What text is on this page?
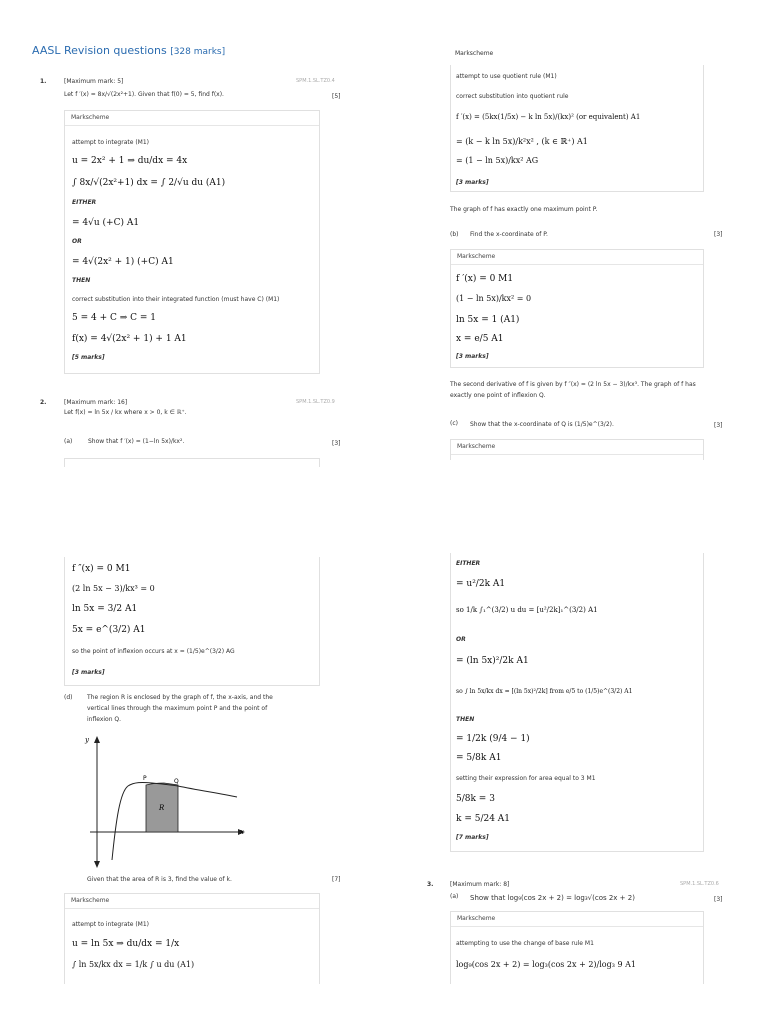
AASL Revision questions [328 marks]
1.	[Maximum mark: 5]	SPM.1.SL.TZ0.4
Let f ′(x) = 8x/√(2x²+1). Given that f(0) = 5, find f(x).	[5]
Markscheme
attempt to integrate (M1)
u = 2x² + 1 ⇒ du/dx = 4x
∫ 8x/√(2x²+1) dx = ∫ 2/√u du (A1)
EITHER
= 4√u (+C) A1
OR
= 4√(2x² + 1) (+C) A1
THEN
correct substitution into their integrated function (must have C) (M1)
5 = 4 + C ⇒ C = 1
f(x) = 4√(2x² + 1) + 1 A1
[5 marks]
2.	[Maximum mark: 16]	SPM.1.SL.TZ0.9
Let f(x) = ln 5x / kx where x > 0, k ∈ ℝ⁺.
(a)	Show that f ′(x) = (1−ln 5x)/kx².	[3]
Markscheme
attempt to use quotient rule (M1)
correct substitution into quotient rule
f ′(x) = (5kx(1/5x) − k ln 5x)/(kx)² (or equivalent) A1
= (k − k ln 5x)/k²x² , (k ∈ ℝ⁺) A1
= (1 − ln 5x)/kx² AG
[3 marks]
The graph of f has exactly one maximum point P.
(b) Find the x-coordinate of P.	[3]
Markscheme
f ′(x) = 0 M1
(1 − ln 5x)/kx² = 0
ln 5x = 1 (A1)
x = e/5 A1
[3 marks]
The second derivative of f is given by f ″(x) = (2 ln 5x − 3)/kx³. The graph of f has
exactly one point of inflexion Q.
(c) Show that the x-coordinate of Q is (1/5)e^(3/2).	[3]
Markscheme
f ″(x) = 0 M1
(2 ln 5x − 3)/kx³ = 0
ln 5x = 3/2 A1
5x = e^(3/2) A1
so the point of inflexion occurs at x = (1/5)e^(3/2) AG
[3 marks]
(d) The region R is enclosed by the graph of f, the x-axis, and the
vertical lines through the maximum point P and the point of
inflexion Q.
y
x
P	Q
R
Given that the area of R is 3, find the value of k.	[7]
Markscheme
attempt to integrate (M1)
u = ln 5x ⇒ du/dx = 1/x
∫ ln 5x/kx dx = 1/k ∫ u du (A1)
EITHER
= u²/2k A1
so 1/k ∫₁^(3/2) u du = [u²/2k]₁^(3/2) A1
OR
= (ln 5x)²/2k A1
so ∫ ln 5x/kx dx = [(ln 5x)²/2k] from e/5 to (1/5)e^(3/2) A1
THEN
= 1/2k (9/4 − 1)
= 5/8k A1
setting their expression for area equal to 3 M1
5/8k = 3
k = 5/24 A1
[7 marks]
3.	[Maximum mark: 8]	SPM.1.SL.TZ0.6
(a) Show that log₉(cos 2x + 2) = log₃√(cos 2x + 2)	[3]
Markscheme
attempting to use the change of base rule M1
log₉(cos 2x + 2) = log₃(cos 2x + 2)/log₃ 9 A1
